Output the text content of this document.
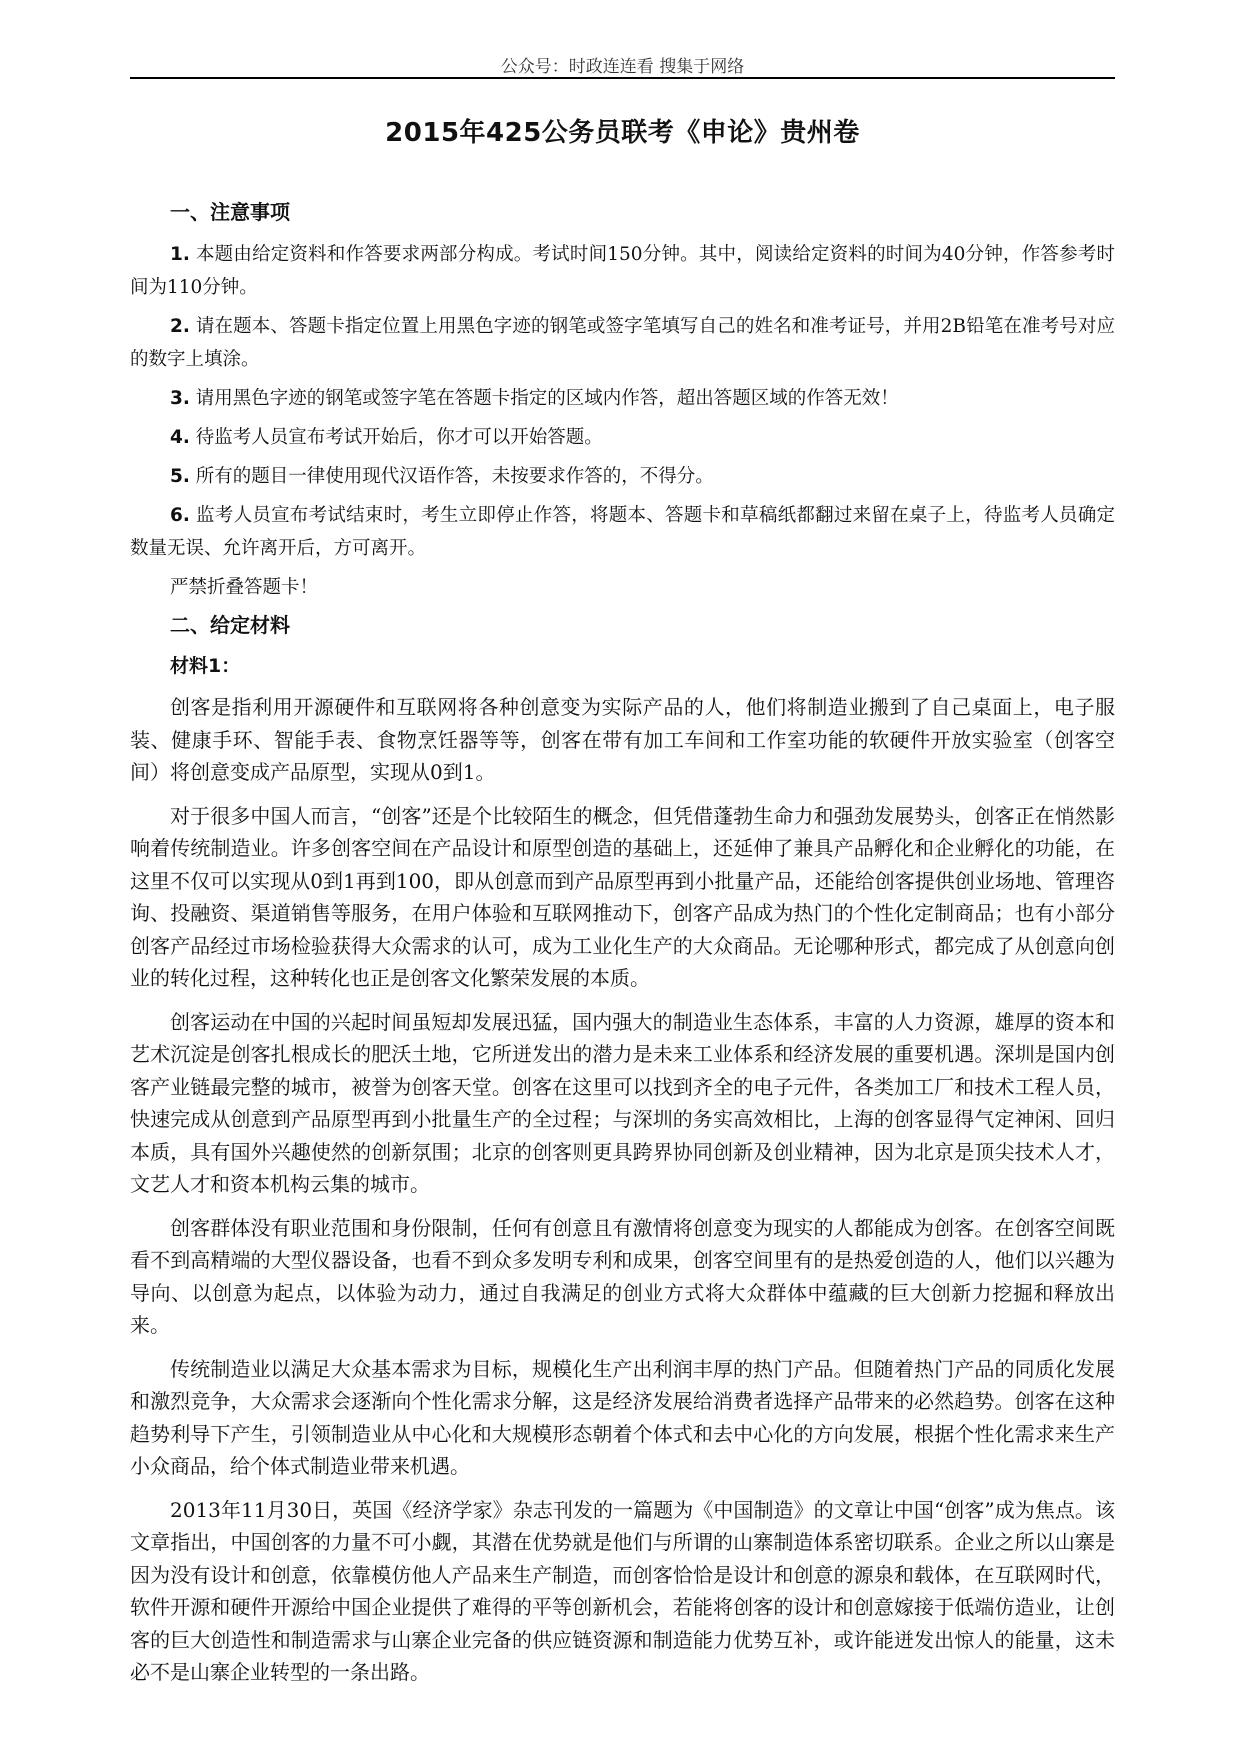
公众号：时政连连看 搜集于网络
2015年425公务员联考《申论》贵州卷
一、注意事项

1. 本题由给定资料和作答要求两部分构成。考试时间150分钟。其中，阅读给定资料的时间为40分钟，作答参考时间为110分钟。

2. 请在题本、答题卡指定位置上用黑色字迹的钢笔或签字笔填写自己的姓名和准考证号，并用2B铅笔在准考号对应的数字上填涂。

3. 请用黑色字迹的钢笔或签字笔在答题卡指定的区域内作答，超出答题区域的作答无效！

4. 待监考人员宣布考试开始后，你才可以开始答题。

5. 所有的题目一律使用现代汉语作答，未按要求作答的，不得分。

6. 监考人员宣布考试结束时，考生立即停止作答，将题本、答题卡和草稿纸都翻过来留在桌子上，待监考人员确定数量无误、允许离开后，方可离开。

严禁折叠答题卡！

二、给定材料
材料1：

创客是指利用开源硬件和互联网将各种创意变为实际产品的人，他们将制造业搬到了自己桌面上，电子服装、健康手环、智能手表、食物烹饪器等等，创客在带有加工车间和工作室功能的软硬件开放实验室（创客空间）将创意变成产品原型，实现从0到1。

对于很多中国人而言，“创客”还是个比较陌生的概念，但凭借蓬勃生命力和强劲发展势头，创客正在悄然影响着传统制造业。许多创客空间在产品设计和原型创造的基础上，还延伸了兼具产品孵化和企业孵化的功能，在这里不仅可以实现从0到1再到100，即从创意而到产品原型再到小批量产品，还能给创客提供创业场地、管理咨询、投融资、渠道销售等服务，在用户体验和互联网推动下，创客产品成为热门的个性化定制商品；也有小部分创客产品经过市场检验获得大众需求的认可，成为工业化生产的大众商品。无论哪种形式，都完成了从创意向创业的转化过程，这种转化也正是创客文化繁荣发展的本质。

创客运动在中国的兴起时间虽短却发展迅猛，国内强大的制造业生态体系，丰富的人力资源，雄厚的资本和艺术沉淀是创客扎根成长的肥沃土地，它所迸发出的潜力是未来工业体系和经济发展的重要机遇。深圳是国内创客产业链最完整的城市，被誉为创客天堂。创客在这里可以找到齐全的电子元件，各类加工厂和技术工程人员，快速完成从创意到产品原型再到小批量生产的全过程；与深圳的务实高效相比，上海的创客显得气定神闲、回归本质，具有国外兴趣使然的创新氛围；北京的创客则更具跨界协同创新及创业精神，因为北京是顶尖技术人才，文艺人才和资本机构云集的城市。

创客群体没有职业范围和身份限制，任何有创意且有激情将创意变为现实的人都能成为创客。在创客空间既看不到高精端的大型仪器设备，也看不到众多发明专利和成果，创客空间里有的是热爱创造的人，他们以兴趣为导向、以创意为起点，以体验为动力，通过自我满足的创业方式将大众群体中蕴藏的巨大创新力挖掘和释放出来。

传统制造业以满足大众基本需求为目标，规模化生产出利润丰厚的热门产品。但随着热门产品的同质化发展和激烈竞争，大众需求会逐渐向个性化需求分解，这是经济发展给消费者选择产品带来的必然趋势。创客在这种趋势利导下产生，引领制造业从中心化和大规模形态朝着个体式和去中心化的方向发展，根据个性化需求来生产小众商品，给个体式制造业带来机遇。

2013年11月30日，英国《经济学家》杂志刊发的一篇题为《中国制造》的文章让中国“创客”成为焦点。该文章指出，中国创客的力量不可小觑，其潜在优势就是他们与所谓的山寨制造体系密切联系。企业之所以山寨是因为没有设计和创意，依靠模仿他人产品来生产制造，而创客恰恰是设计和创意的源泉和载体，在互联网时代，软件开源和硬件开源给中国企业提供了难得的平等创新机会，若能将创客的设计和创意嫁接于低端仿造业，让创客的巨大创造性和制造需求与山寨企业完备的供应链资源和制造能力优势互补，或许能迸发出惊人的能量，这未必不是山寨企业转型的一条出路。
